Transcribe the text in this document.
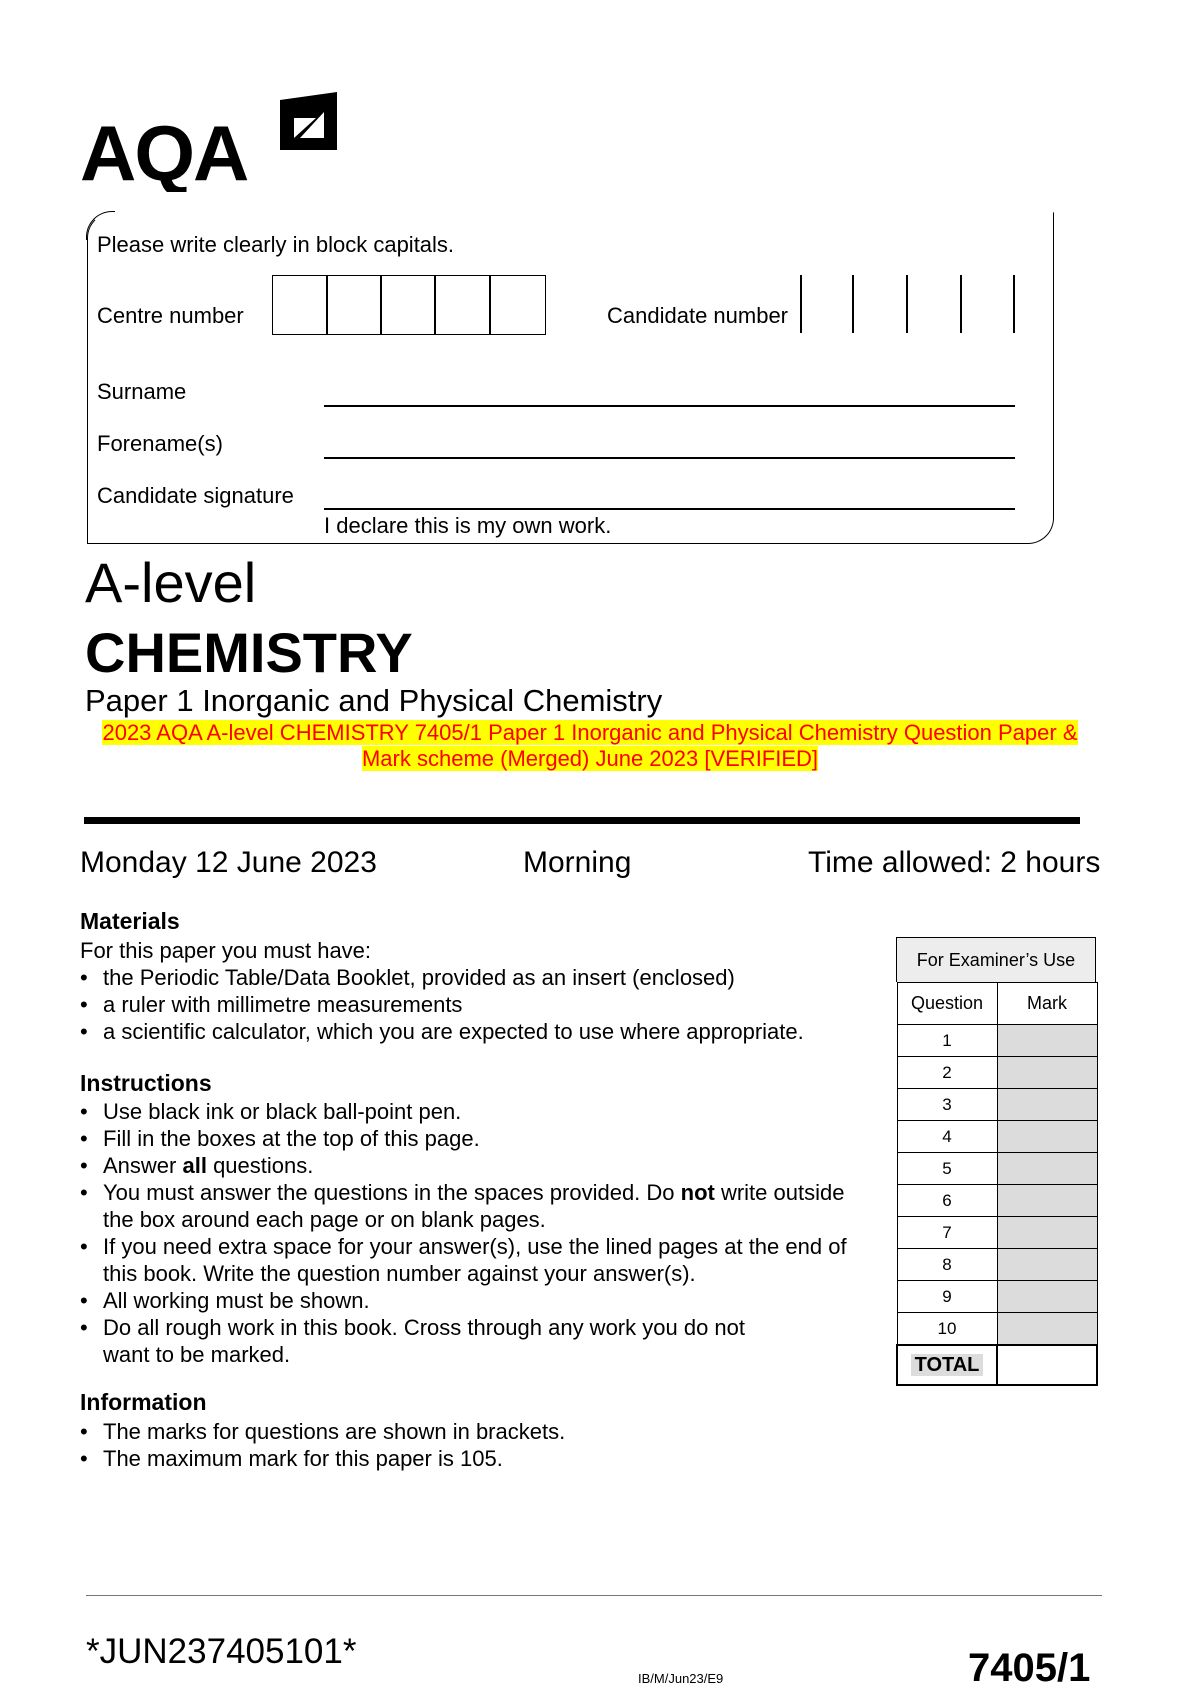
AQA
Please write clearly in block capitals.
Centre number	Candidate number
Surname
Forename(s)
Candidate signature
I declare this is my own work.
A-level
CHEMISTRY
Paper 1 Inorganic and Physical Chemistry
2023 AQA A-level CHEMISTRY 7405/1 Paper 1 Inorganic and Physical Chemistry Question Paper &
Mark scheme (Merged) June 2023 [VERIFIED]
Monday 12 June 2023	Morning	Time allowed: 2 hours
Materials
For this paper you must have:
• the Periodic Table/Data Booklet, provided as an insert (enclosed)
• a ruler with millimetre measurements
• a scientific calculator, which you are expected to use where appropriate.
Instructions
• Use black ink or black ball-point pen.
• Fill in the boxes at the top of this page.
• Answer all questions.
• You must answer the questions in the spaces provided. Do not write outside the box around each page or on blank pages.
• If you need extra space for your answer(s), use the lined pages at the end of this book. Write the question number against your answer(s).
• All working must be shown.
• Do all rough work in this book. Cross through any work you do not want to be marked.
Information
• The marks for questions are shown in brackets.
• The maximum mark for this paper is 105.
For Examiner’s Use
Question	Mark
1	
2	
3	
4	
5	
6	
7	
8	
9	
10	
TOTAL	
*JUN237405101*
IB/M/Jun23/E9	7405/1
